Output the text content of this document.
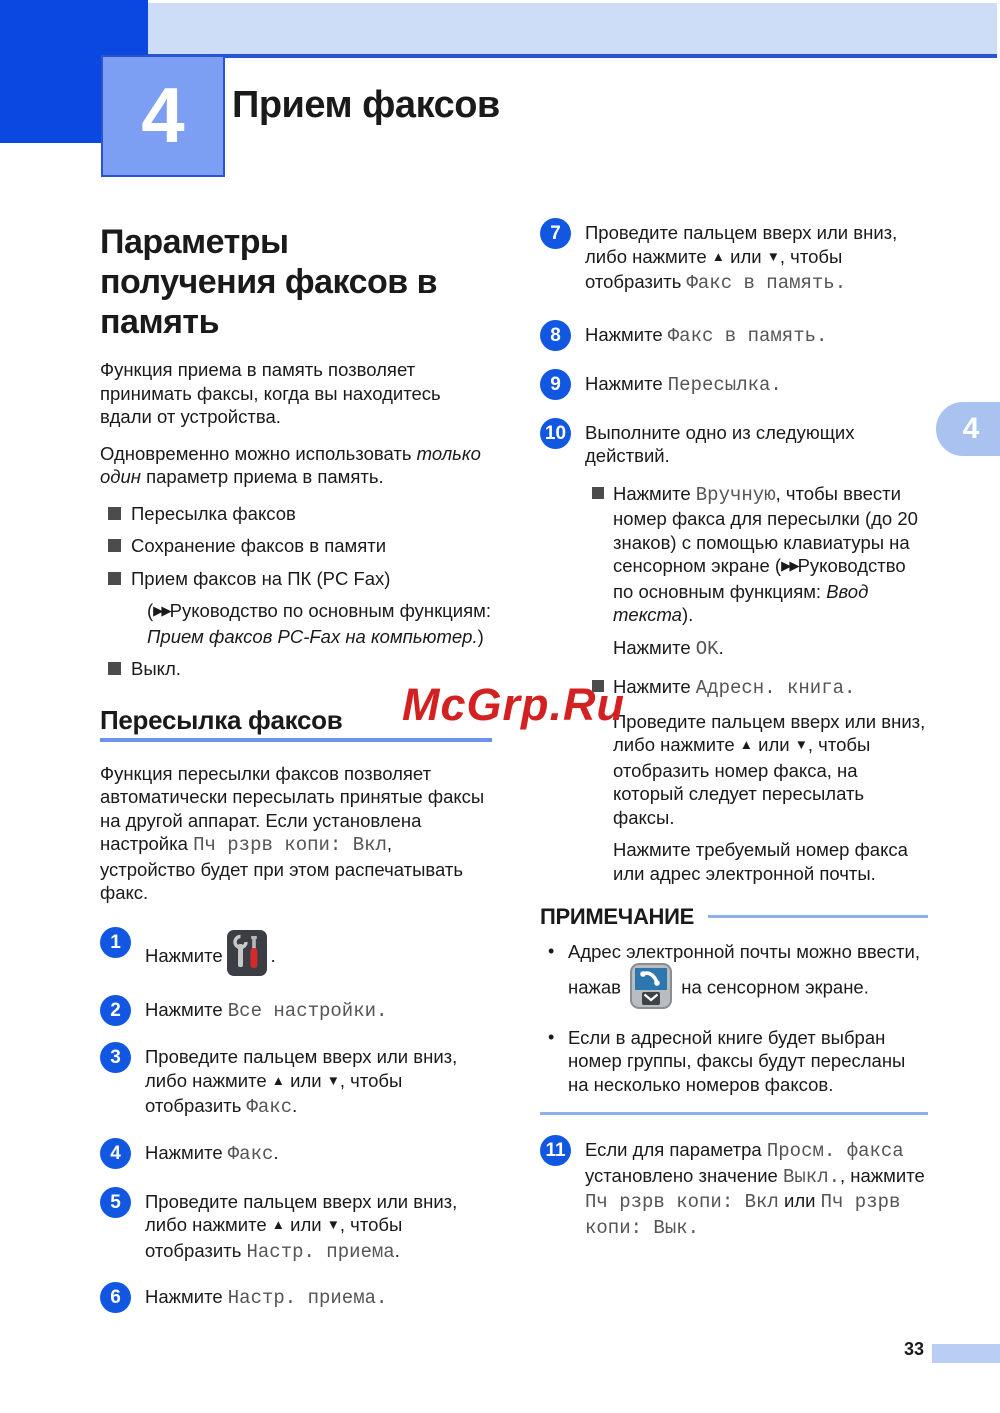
4	Прием факсов
Параметры
получения факсов в
память

Функция приема в память позволяет принимать факсы, когда вы находитесь вдали от устройства.

Одновременно можно использовать только один параметр приема в память.

Пересылка факсов
Сохранение факсов в памяти
Прием факсов на ПК (PC Fax)

(▶▶Руководство по основным функциям: Прием факсов PC-Fax на компьютер.)

Выкл.
Пересылка факсов

Функция пересылки факсов позволяет автоматически пересылать принятые факсы на другой аппарат. Если установлена настройка Пч рзрв копи: Вкл, устройство будет при этом распечатывать факс.

1
Нажмите	.
2	Нажмите Все настройки.
3	Проведите пальцем вверх или вниз, либо нажмите ▲ или ▼, чтобы отобразить Факс.
4	Нажмите Факс.
5	Проведите пальцем вверх или вниз, либо нажмите ▲ или ▼, чтобы отобразить Настр. приема.
6	Нажмите Настр. приема.
7	Проведите пальцем вверх или вниз, либо нажмите ▲ или ▼, чтобы отобразить Факс в память.
8	Нажмите Факс в память.
9	Нажмите Пересылка.
10 Выполните одно из следующих действий.

Нажмите Вручную, чтобы ввести номер факса для пересылки (до 20 знаков) с помощью клавиатуры на сенсорном экране (▶▶Руководство по основным функциям: Ввод текста).

Нажмите OK.

Нажмите Адресн. книга.

Проведите пальцем вверх или вниз, либо нажмите ▲ или ▼, чтобы отобразить номер факса, на который следует пересылать факсы.

Нажмите требуемый номер факса или адрес электронной почты.

ПРИМЕЧАНИЕ
• Адрес электронной почты можно ввести, нажав	на сенсорном экране.
• Если в адресной книге будет выбран номер группы, факсы будут пересланы на несколько номеров факсов.
11 Если для параметра Просм. факса установлено значение Выкл., нажмите Пч рзрв копи: Вкл или Пч рзрв копи: Вык.

McGrp.Ru

4
33
